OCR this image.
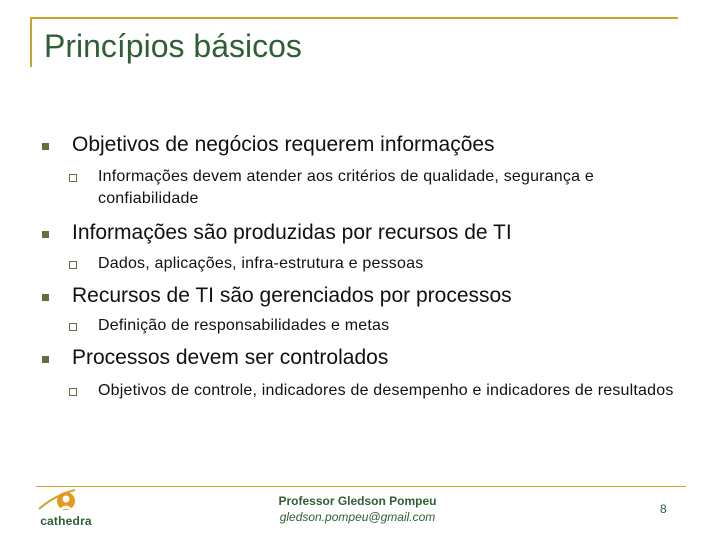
Princípios básicos
Objetivos de negócios requerem informações
Informações devem atender aos critérios de qualidade, segurança e confiabilidade
Informações são produzidas por recursos de TI
Dados, aplicações, infra-estrutura e pessoas
Recursos de TI são gerenciados por processos
Definição de responsabilidades e metas
Processos devem ser controlados
Objetivos de controle, indicadores de desempenho e indicadores de resultados
cathedra
Professor Gledson Pompeu
gledson.pompeu@gmail.com
8
